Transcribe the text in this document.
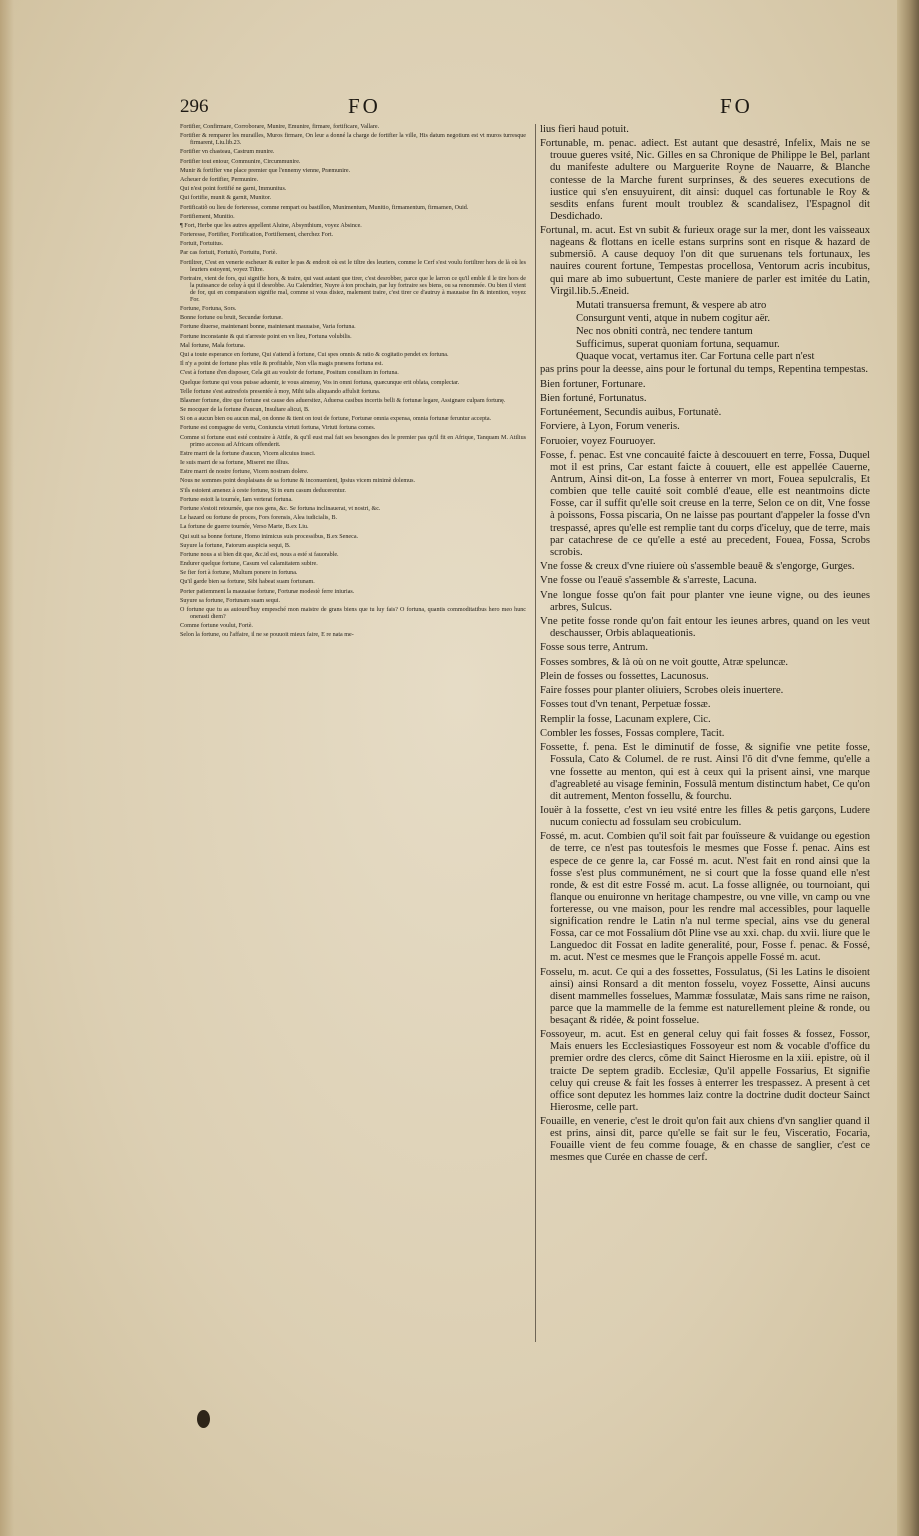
296	FO	FO

Fortifier, Confirmare, Corroborare, Munire, Emunire, firmare, fortificare, Vallare.

Fortifier & remparer les murailles, Muros firmare, On leur a donné la charge de fortifier la ville, His datum negotium est vt muros turresque firmarent, Liu.lib.23.

Fortifier vn chasteau, Castrum munire.

Fortifier tout entour, Communire, Circummunire.

Munir & fortifier vne place premier que l'ennemy vienne, Præmunire.

Acheuer de fortifier, Permunire.

Qui n'est point fortifié ne garni, Immunitus.

Qui fortifie, munit & garnit, Munitor.

Fortificatiõ ou lieu de forteresse, comme rempart ou bastillon, Munimentum, Munitio, firmamentum, firmamen, Ouid.

Fortifiement, Munitio.

¶ Fort, Herbe que les autres appellent Aluine, Absynthium, voyez Absince.

Forteresse, Fortifier, Fortification, Fortifiement, cherchez Fort.

Fortuit, Fortuitus.

Par cas fortuit, Fortuitò, Fortuitu, Fortè.

Fortiltrer, C'est en venerie escheuer & euiter le pas & endroit où est le tiltre des leuriers, comme le Cerf s'est voulu fortiltrer hors de là où les leuriers estoyent, voyez Tiltre.

Fortraire, vient de fors, qui signifie hors, & traire, qui vaut autant que tirer, c'est desrobber, parce que le larron ce qu'il emble il le tire hors de la puissance de celuy à qui il desrobbe. Au Calendrier, Nuyre à ton prochain, par luy fortraire ses biens, ou sa renommée. Ou bien il vient de for, qui en comparaison signifie mal, comme si vous disiez, malement traire, c'est tirer ce d'autruy à mauuaise fin & intention, voyez For.

Fortune, Fortuna, Sors.

Bonne fortune ou bruit, Secundæ fortunæ.

Fortune diuerse, maintenant bonne, maintenant mauuaise, Varia fortuna.

Fortune inconstante & qui n'arreste point en vn lieu, Fortuna volubilis.

Mal fortune, Mala fortuna.

Qui a toute esperance en fortune, Qui s'attend à fortune, Cui spes omnis & ratio & cogitatio pendet ex fortuna.

Il n'y a point de fortune plus vtile & profitable, Non vlla magis præsens fortuna est.

C'est à fortune d'en disposer, Cela git au vouloir de fortune, Positum consilium in fortuna.

Quelque fortune qui vous puisse aduenir, ie vous aimeray, Vos in omni fortuna, quæcunque erit oblata, complectar.

Telle fortune s'est autresfois presentée à moy, Mihi talis aliquando affulsit fortuna.

Blasmer fortune, dire que fortune est cause des aduersitez, Aduersa casibus incertis belli & fortunæ legare, Assignare culpam fortunę.

Se mocquer de la fortune d'aucun, Insultare alicui, B.

Si on a aucun bien ou aucun mal, on donne & tient on tout de fortune, Fortunæ omnia expensa, omnia fortunæ feruntur accepta.

Fortune est compagne de vertu, Coniuncta virtuti fortuna, Virtuti fortuna comes.

Comme si fortune eust esté contraire à Attile, & qu'il eust mal fait ses besongnes des le premier pas qu'il fit en Afrique, Tanquam M. Atilius primo accessu ad Africam offenderit.

Estre marri de la fortune d'aucun, Vicem alicuius irasci.

Ie suis marri de sa fortune, Miseret me illius.

Estre marri de nostre fortune, Vicem nostram dolere.

Nous ne sommes point desplaisans de sa fortune & inconuenient, Ipsius vicem minimè dolemus.

S'ils estoient amenez à ceste fortune, Si in eum casum deducerentur.

Fortune estoit la tournée, Iam verterat fortuna.

Fortune s'estoit retournée, que nos gens, &c. Se fortuna inclinauerat, vt nostri, &c.

Le hazard ou fortune de proces, Fors forensis, Alea iudicialis, B.

La fortune de guerre tournée, Verso Marte, B.ex Liu.

Qui suit sa bonne fortune, Homo inimicus suis processibus, B.ex Seneca.

Suyure la fortune, Fatorum auspicia sequi, B.

Fortune nous a si bien dit que, &c.id est, nous a esté si fauorable.

Endurer quelque fortune, Casum vel calamitatem subire.

Se fier fort à fortune, Multum ponere in fortuna.

Qu'il garde bien sa fortune, Sibi habeat suam fortunam.

Porter patiemment la mauuaise fortune, Fortunæ modestè ferre iniurias.

Suyure sa fortune, Fortunam suam sequi.

O fortune que tu as auiourd'huy empesché mon maistre de grans biens que tu luy fais? O fortuna, quantis commoditatibus hero meo hunc onerasti diem?

Comme fortune voulut, Fortè.

Selon la fortune, ou l'affaire, il ne se pouuoit mieux faire, E re nata me-

lius fieri haud potuit.

Fortunable, m. penac. adiect. Est autant que desastré, Infelix, Mais ne se trouue gueres vsité, Nic. Gilles en sa Chronique de Philippe le Bel, parlant du manifeste adultere ou Marguerite Royne de Nauarre, & Blanche contesse de la Marche furent surprinses, & des seueres executions de iustice qui s'en ensuyuirent, dit ainsi: duquel cas fortunable le Roy & sesdits enfans furent moult troublez & scandalisez, l'Espagnol dit Desdichado.

Fortunal, m. acut. Est vn subit & furieux orage sur la mer, dont les vaisseaux nageans & flottans en icelle estans surprins sont en risque & hazard de submersiõ. A cause dequoy l'on dit que suruenans tels fortunaux, les nauires courent fortune, Tempestas procellosa, Ventorum acris incubitus, qui mare ab imo subuertunt, Ceste maniere de parler est imitée du Latin, Virgil.lib.5.Æneid.

Mutati transuersa fremunt, & vespere ab atro

Consurgunt venti, atque in nubem cogitur aër.

Nec nos obniti contrà, nec tendere tantum

Sufficimus, superat quoniam fortuna, sequamur.

Quaque vocat, vertamus iter. Car Fortuna celle part n'est

pas prins pour la deesse, ains pour le fortunal du temps, Repentina tempestas.

Bien fortuner, Fortunare.

Bien fortuné, Fortunatus.

Fortunéement, Secundis auibus, Fortunatè.

Forviere, à Lyon, Forum veneris.

Foruoier, voyez Fouruoyer.

Fosse, f. penac. Est vne concauité faicte à descouuert en terre, Fossa, Duquel mot il est prins, Car estant faicte à couuert, elle est appellée Cauerne, Antrum, Ainsi dit-on, La fosse à enterrer vn mort, Fouea sepulcralis, Et combien que telle cauité soit comblé d'eaue, elle est neantmoins dicte Fosse, car il suffit qu'elle soit creuse en la terre, Selon ce on dit, Vne fosse à poissons, Fossa piscaria, On ne laisse pas pourtant d'appeler la fosse d'vn trespassé, apres qu'elle est remplie tant du corps d'iceluy, que de terre, mais par catachrese de ce qu'elle a esté au precedent, Fouea, Fossa, Scrobs scrobis.

Vne fosse & creux d'vne riuiere où s'assemble beauē & s'engorge, Gurges.

Vne fosse ou l'eauë s'assemble & s'arreste, Lacuna.

Vne longue fosse qu'on fait pour planter vne ieune vigne, ou des ieunes arbres, Sulcus.

Vne petite fosse ronde qu'on fait entour les ieunes arbres, quand on les veut deschausser, Orbis ablaqueationis.

Fosse sous terre, Antrum.

Fosses sombres, & là où on ne voit goutte, Atræ speluncæ.

Plein de fosses ou fossettes, Lacunosus.

Faire fosses pour planter oliuiers, Scrobes oleis inuertere.

Fosses tout d'vn tenant, Perpetuæ fossæ.

Remplir la fosse, Lacunam explere, Cic.

Combler les fosses, Fossas complere, Tacit.

Fossette, f. pena. Est le diminutif de fosse, & signifie vne petite fosse, Fossula, Cato & Columel. de re rust. Ainsi l'õ dit d'vne femme, qu'elle a vne fossette au menton, qui est à ceux qui la prisent ainsi, vne marque d'agreableté au visage feminin, Fossulâ mentum distinctum habet, Ce qu'on dit autrement, Menton fossellu, & fourchu.

Iouër à la fossette, c'est vn ieu vsité entre les filles & petis garçons, Ludere nucum coniectu ad fossulam seu crobiculum.

Fossé, m. acut. Combien qu'il soit fait par fouïsseure & vuidange ou egestion de terre, ce n'est pas toutesfois le mesmes que Fosse f. penac. Ains est espece de ce genre la, car Fossé m. acut. N'est fait en rond ainsi que la fosse s'est plus communément, ne si court que la fosse quand elle n'est ronde, & est dit estre Fossé m. acut. La fosse allignée, ou tournoiant, qui flanque ou enuironne vn heritage champestre, ou vne ville, vn camp ou vne forteresse, ou vne maison, pour les rendre mal accessibles, pour laquelle signification rendre le Latin n'a nul terme special, ains vse du general Fossa, car ce mot Fossalium dõt Pline vse au xxi. chap. du xvii. liure que le Languedoc dit Fossat en ladite generalité, pour, Fosse f. penac. & Fossé, m. acut. N'est ce mesmes que le François appelle Fossé m. acut.

Fosselu, m. acut. Ce qui a des fossettes, Fossulatus, (Si les Latins le disoient ainsi) ainsi Ronsard a dit menton fosselu, voyez Fossette, Ainsi aucuns disent mammelles fosselues, Mammæ fossulatæ, Mais sans rime ne raison, parce que la mammelle de la femme est naturellement pleine & ronde, ou besaçant & ridée, & point fosselue.

Fossoyeur, m. acut. Est en general celuy qui fait fosses & fossez, Fossor, Mais enuers les Ecclesiastiques Fossoyeur est nom & vocable d'office du premier ordre des clercs, cõme dit Sainct Hierosme en la xiii. epistre, où il traicte De septem gradib. Ecclesiæ, Qu'il appelle Fossarius, Et signifie celuy qui creuse & fait les fosses à enterrer les trespassez. A present à cet office sont deputez les hommes laiz contre la doctrine dudit docteur Sainct Hierosme, celle part.

Fouaille, en venerie, c'est le droit qu'on fait aux chiens d'vn sanglier quand il est prins, ainsi dit, parce qu'elle se fait sur le feu, Visceratio, Focaria, Fouaille vient de feu comme fouage, & en chasse de sanglier, c'est ce mesmes que Curée en chasse de cerf.
